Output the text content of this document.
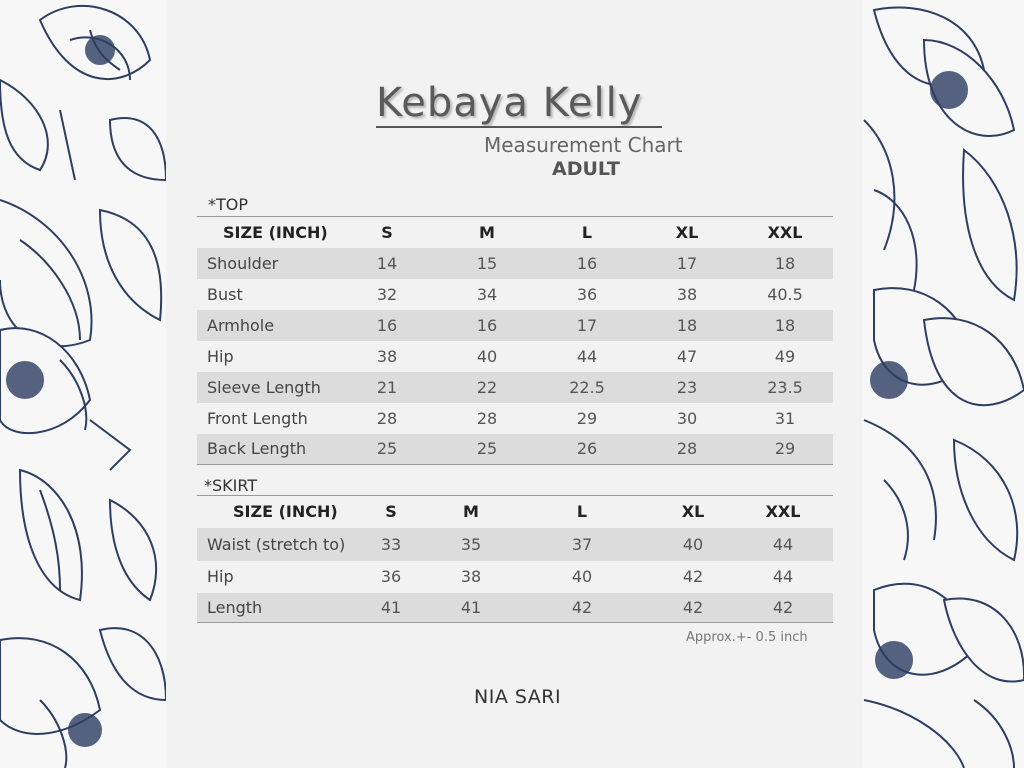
Kebaya Kelly
Measurement Chart
ADULT
*TOP
SIZE (INCH)	S	M	L	XL	XXL
Shoulder	14	15	16	17	18
Bust	32	34	36	38	40.5
Armhole	16	16	17	18	18
Hip	38	40	44	47	49
Sleeve Length	21	22	22.5	23	23.5
Front Length	28	28	29	30	31
Back Length	25	25	26	28	29
*SKIRT
SIZE (INCH)	S	M	L	XL	XXL
Waist (stretch to)	33	35	37	40	44
Hip	36	38	40	42	44
Length	41	41	42	42	42
Approx.+- 0.5 inch
NIA SARI
